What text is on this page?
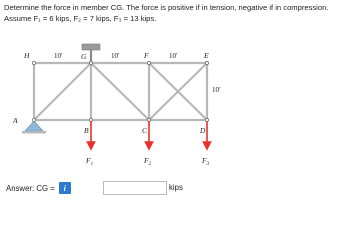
Determine the force in member CG. The force is positive if in tension, negative if in compression.
Assume F₁ = 6 kips, F₂ = 7 kips, F₃ = 13 kips.
H	G	F	E
A
B	C	D
10′	10′	10′
10′
$F_1$	$F_2$	$F_3$
Answer: CG =	i	kips
